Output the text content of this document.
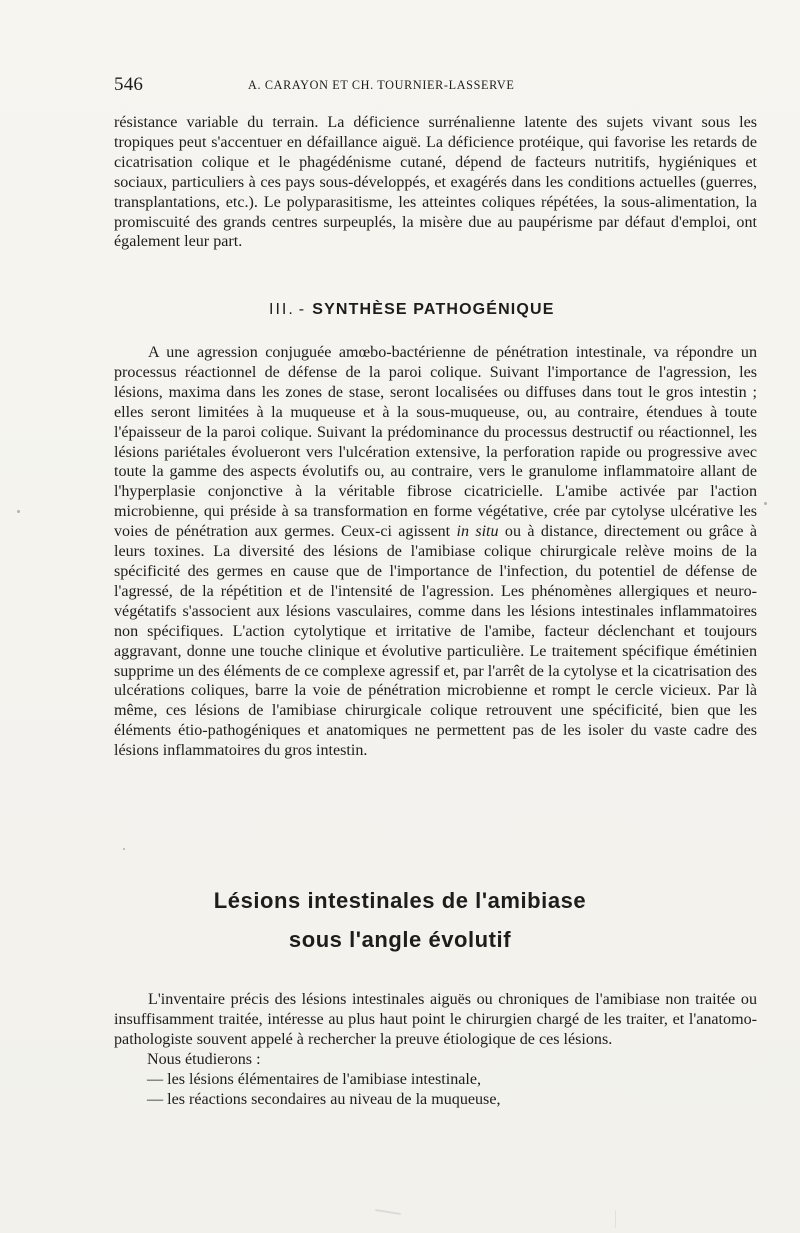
546	A. CARAYON ET CH. TOURNIER-LASSERVE

résistance variable du terrain. La déficience surrénalienne latente des sujets vivant sous les tropiques peut s'accentuer en défaillance aiguë. La déficience protéique, qui favorise les retards de cicatrisation colique et le phagédénisme cutané, dépend de facteurs nutritifs, hygiéniques et sociaux, particuliers à ces pays sous-développés, et exagérés dans les conditions actuelles (guerres, transplantations, etc.). Le polyparasitisme, les atteintes coliques répétées, la sous-alimentation, la promiscuité des grands centres surpeuplés, la misère due au paupérisme par défaut d'emploi, ont également leur part.

III. - SYNTHÈSE PATHOGÉNIQUE

A une agression conjuguée amœbo-bactérienne de pénétration intestinale, va répondre un processus réactionnel de défense de la paroi colique. Suivant l'importance de l'agression, les lésions, maxima dans les zones de stase, seront localisées ou diffuses dans tout le gros intestin ; elles seront limitées à la muqueuse et à la sous-muqueuse, ou, au contraire, étendues à toute l'épaisseur de la paroi colique. Suivant la prédominance du processus destructif ou réactionnel, les lésions pariétales évolueront vers l'ulcération extensive, la perforation rapide ou progressive avec toute la gamme des aspects évolutifs ou, au contraire, vers le granulome inflammatoire allant de l'hyperplasie conjonctive à la véritable fibrose cicatricielle. L'amibe activée par l'action microbienne, qui préside à sa transformation en forme végétative, crée par cytolyse ulcérative les voies de pénétration aux germes. Ceux-ci agissent in situ ou à distance, directement ou grâce à leurs toxines. La diversité des lésions de l'amibiase colique chirurgicale relève moins de la spécificité des germes en cause que de l'importance de l'infection, du potentiel de défense de l'agressé, de la répétition et de l'intensité de l'agression. Les phénomènes allergiques et neuro-végétatifs s'associent aux lésions vasculaires, comme dans les lésions intestinales inflammatoires non spécifiques. L'action cytolytique et irritative de l'amibe, facteur déclenchant et toujours aggravant, donne une touche clinique et évolutive particulière. Le traitement spécifique émétinien supprime un des éléments de ce complexe agressif et, par l'arrêt de la cytolyse et la cicatrisation des ulcérations coliques, barre la voie de pénétration microbienne et rompt le cercle vicieux. Par là même, ces lésions de l'amibiase chirurgicale colique retrouvent une spécificité, bien que les éléments étio-pathogéniques et anatomiques ne permettent pas de les isoler du vaste cadre des lésions inflammatoires du gros intestin.

Lésions intestinales de l'amibiase
sous l'angle évolutif

L'inventaire précis des lésions intestinales aiguës ou chroniques de l'amibiase non traitée ou insuffisamment traitée, intéresse au plus haut point le chirurgien chargé de les traiter, et l'anatomo-pathologiste souvent appelé à rechercher la preuve étiologique de ces lésions.

Nous étudierons :

— les lésions élémentaires de l'amibiase intestinale,

— les réactions secondaires au niveau de la muqueuse,
